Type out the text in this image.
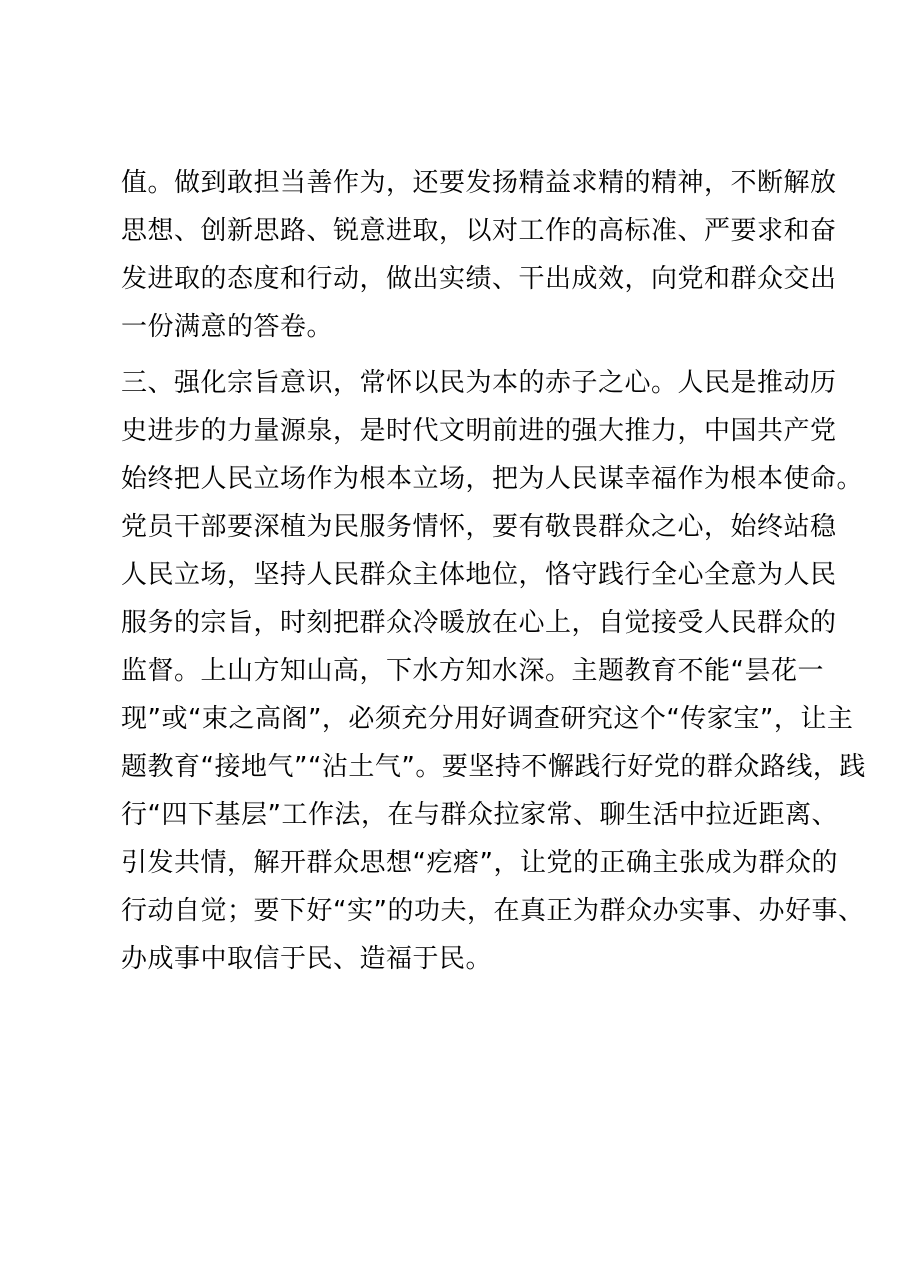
值。做到敢担当善作为，还要发扬精益求精的精神，不断解放
思想、创新思路、锐意进取，以对工作的高标准、严要求和奋
发进取的态度和行动，做出实绩、干出成效，向党和群众交出
一份满意的答卷。
三、强化宗旨意识，常怀以民为本的赤子之心。人民是推动历
史进步的力量源泉，是时代文明前进的强大推力，中国共产党
始终把人民立场作为根本立场，把为人民谋幸福作为根本使命。
党员干部要深植为民服务情怀，要有敬畏群众之心，始终站稳
人民立场，坚持人民群众主体地位，恪守践行全心全意为人民
服务的宗旨，时刻把群众冷暖放在心上，自觉接受人民群众的
监督。上山方知山高，下水方知水深。主题教育不能“昙花一
现”或“束之高阁”，必须充分用好调查研究这个“传家宝”，让主
题教育“接地气”“沾土气”。要坚持不懈践行好党的群众路线，践
行“四下基层”工作法，在与群众拉家常、聊生活中拉近距离、
引发共情，解开群众思想“疙瘩”，让党的正确主张成为群众的
行动自觉；要下好“实”的功夫，在真正为群众办实事、办好事、
办成事中取信于民、造福于民。
